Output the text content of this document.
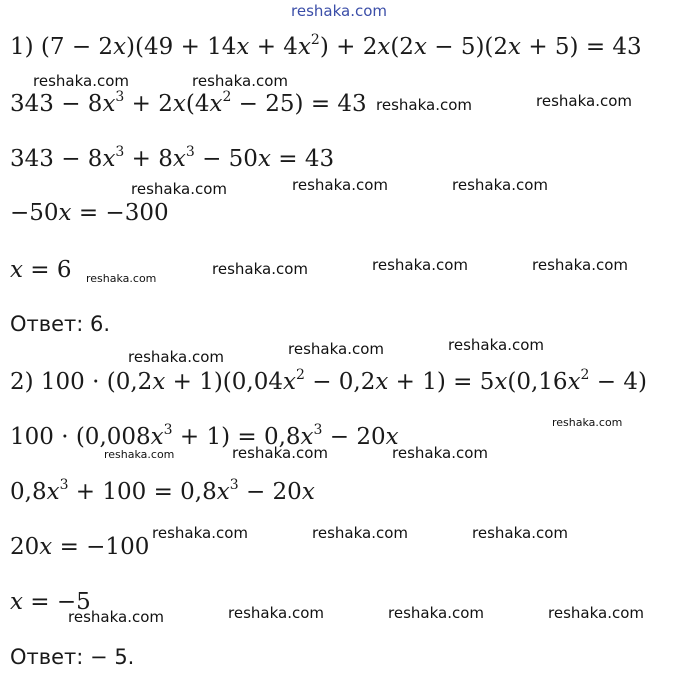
1) $(7 - 2x)(49 + 14x + 4x^2) + 2x(2x - 5)(2x + 5) = 43$
$343 - 8x^3 + 2x(4x^2 - 25) = 43$
$343 - 8x^3 + 8x^3 - 50x = 43$
−50x = −300
x = 6
Ответ: 6.
2) $100 \cdot (0,2x + 1)(0,04x^2 - 0,2x + 1) = 5x(0,16x^2 - 4)$
$100 \cdot (0,008x^3 + 1) = 0,8x^3 - 20x$
$0,8x^3 + 100 = 0,8x^3 - 20x$
20x = −100
x = −5
Ответ: − 5.
reshaka.com
reshaka.com	reshaka.com
reshaka.com	reshaka.com
reshaka.com	reshaka.com	reshaka.com
reshaka.com
reshaka.com	reshaka.com	reshaka.com
reshaka.com	reshaka.com	reshaka.com
reshaka.com
reshaka.com	reshaka.com	reshaka.com
reshaka.com	reshaka.com	reshaka.com
reshaka.com	reshaka.com	reshaka.com	reshaka.com
